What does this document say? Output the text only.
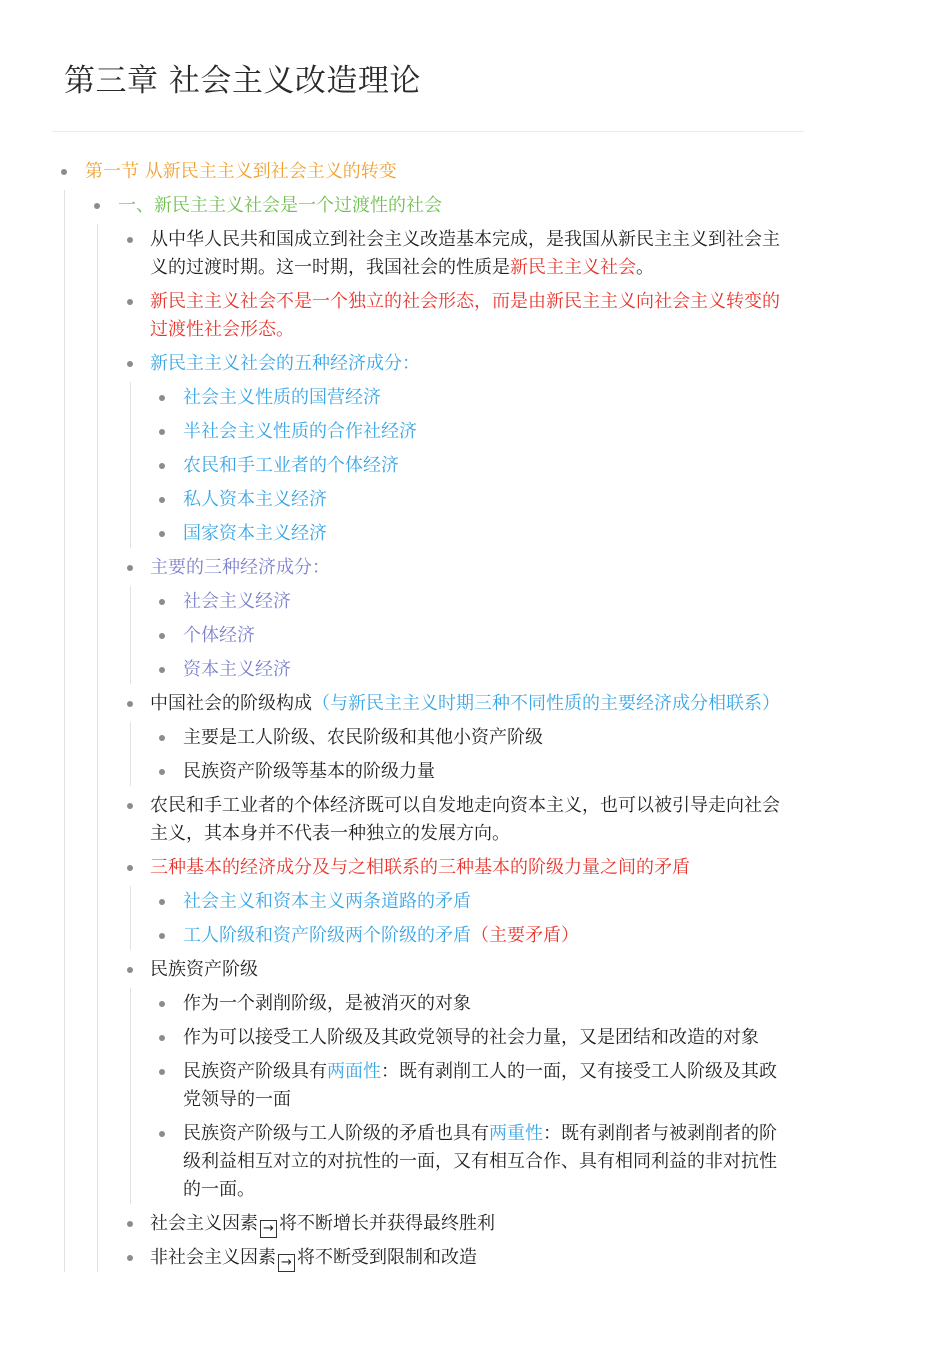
第三章 社会主义改造理论
第一节 从新民主主义到社会主义的转变
一、新民主主义社会是一个过渡性的社会
从中华人民共和国成立到社会主义改造基本完成，是我国从新民主主义到社会主
义的过渡时期。这一时期，我国社会的性质是新民主主义社会。
新民主主义社会不是一个独立的社会形态，而是由新民主主义向社会主义转变的
过渡性社会形态。
新民主主义社会的五种经济成分：
社会主义性质的国营经济
半社会主义性质的合作社经济
农民和手工业者的个体经济
私人资本主义经济
国家资本主义经济
主要的三种经济成分：
社会主义经济
个体经济
资本主义经济
中国社会的阶级构成（与新民主主义时期三种不同性质的主要经济成分相联系）
主要是工人阶级、农民阶级和其他小资产阶级
民族资产阶级等基本的阶级力量
农民和手工业者的个体经济既可以自发地走向资本主义，也可以被引导走向社会
主义，其本身并不代表一种独立的发展方向。
三种基本的经济成分及与之相联系的三种基本的阶级力量之间的矛盾
社会主义和资本主义两条道路的矛盾
工人阶级和资产阶级两个阶级的矛盾（主要矛盾）
民族资产阶级
作为一个剥削阶级，是被消灭的对象
作为可以接受工人阶级及其政党领导的社会力量，又是团结和改造的对象
民族资产阶级具有两面性：既有剥削工人的一面，又有接受工人阶级及其政
党领导的一面
民族资产阶级与工人阶级的矛盾也具有两重性：既有剥削者与被剥削者的阶
级利益相互对立的对抗性的一面，又有相互合作、具有相同利益的非对抗性
的一面。
社会主义因素 → 将不断增长并获得最终胜利
非社会主义因素 → 将不断受到限制和改造
